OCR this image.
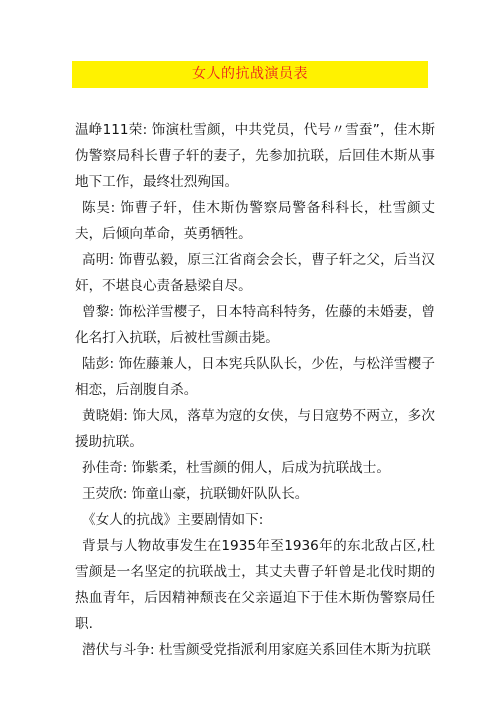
女人的抗战演员表

温峥111荣: 饰演杜雪颜，中共党员，代号〃雪蚕”，佳木斯伪警察局科长曹子轩的妻子，先参加抗联，后回佳木斯从事地下工作，最终壮烈殉国。

陈昊: 饰曹子轩，佳木斯伪警察局警备科科长，杜雪颜丈夫，后倾向革命，英勇牺牲。

高明: 饰曹弘毅，原三江省商会会长，曹子轩之父，后当汉奸，不堪良心责备悬梁自尽。

曾黎: 饰松洋雪樱子，日本特高科特务，佐藤的未婚妻，曾化名打入抗联，后被杜雪颜击毙。

陆彭: 饰佐藤兼人，日本宪兵队队长，少佐，与松洋雪樱子相恋，后剖腹自杀。

黄晓娟: 饰大凤，落草为寇的女侠，与日寇势不两立，多次援助抗联。

孙佳奇: 饰紫柔，杜雪颜的佣人，后成为抗联战士。

王荧欣: 饰童山豪，抗联锄奸队队长。

《女人的抗战》主要剧情如下:

背景与人物故事发生在1935年至1936年的东北敌占区,杜雪颜是一名坚定的抗联战士，其丈夫曹子轩曾是北伐时期的热血青年，后因精神颓丧在父亲逼迫下于佳木斯伪警察局任职.

潜伏与斗争: 杜雪颜受党指派利用家庭关系回佳木斯为抗联
